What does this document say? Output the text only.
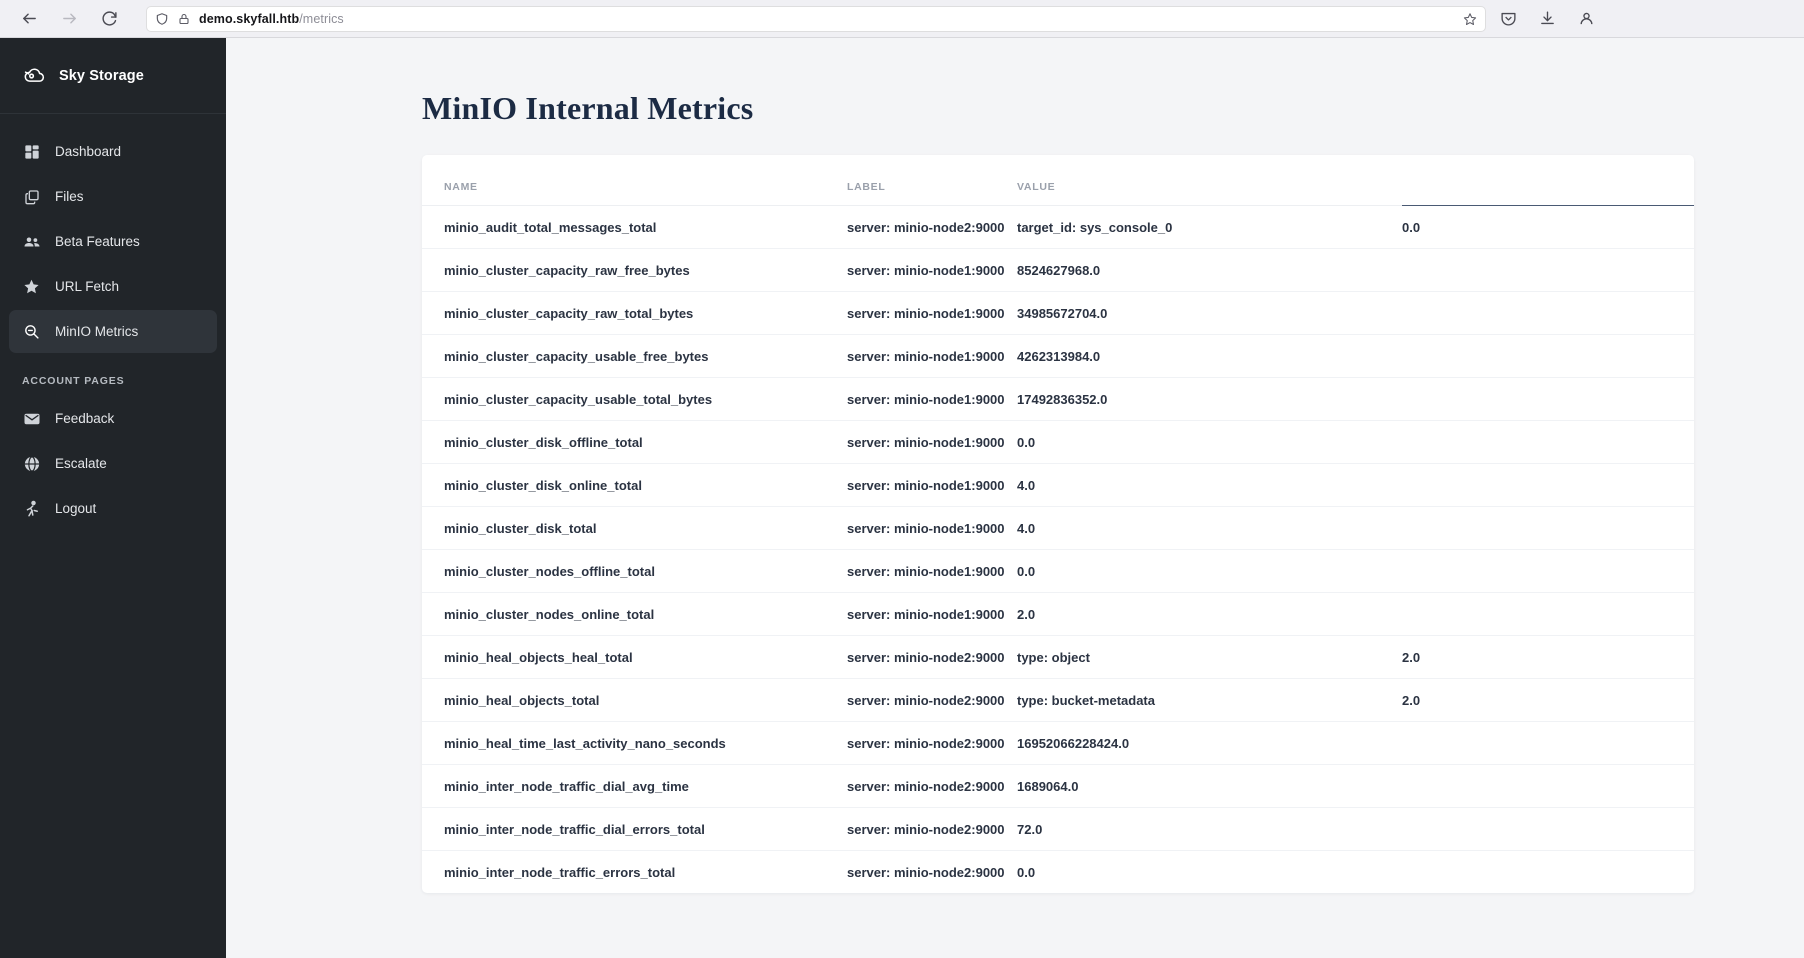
demo.skyfall.htb/metrics
Sky Storage
Dashboard
Files
Beta Features
URL Fetch
MinIO Metrics
ACCOUNT PAGES
Feedback
Escalate
Logout
MinIO Internal Metrics
NAME	LABEL	VALUE	
minio_audit_total_messages_total	server: minio-node2:9000	target_id: sys_console_0	0.0
minio_cluster_capacity_raw_free_bytes	server: minio-node1:9000	8524627968.0	
minio_cluster_capacity_raw_total_bytes	server: minio-node1:9000	34985672704.0	
minio_cluster_capacity_usable_free_bytes	server: minio-node1:9000	4262313984.0	
minio_cluster_capacity_usable_total_bytes	server: minio-node1:9000	17492836352.0	
minio_cluster_disk_offline_total	server: minio-node1:9000	0.0	
minio_cluster_disk_online_total	server: minio-node1:9000	4.0	
minio_cluster_disk_total	server: minio-node1:9000	4.0	
minio_cluster_nodes_offline_total	server: minio-node1:9000	0.0	
minio_cluster_nodes_online_total	server: minio-node1:9000	2.0	
minio_heal_objects_heal_total	server: minio-node2:9000	type: object	2.0
minio_heal_objects_total	server: minio-node2:9000	type: bucket-metadata	2.0
minio_heal_time_last_activity_nano_seconds	server: minio-node2:9000	16952066228424.0	
minio_inter_node_traffic_dial_avg_time	server: minio-node2:9000	1689064.0	
minio_inter_node_traffic_dial_errors_total	server: minio-node2:9000	72.0	
minio_inter_node_traffic_errors_total	server: minio-node2:9000	0.0	
